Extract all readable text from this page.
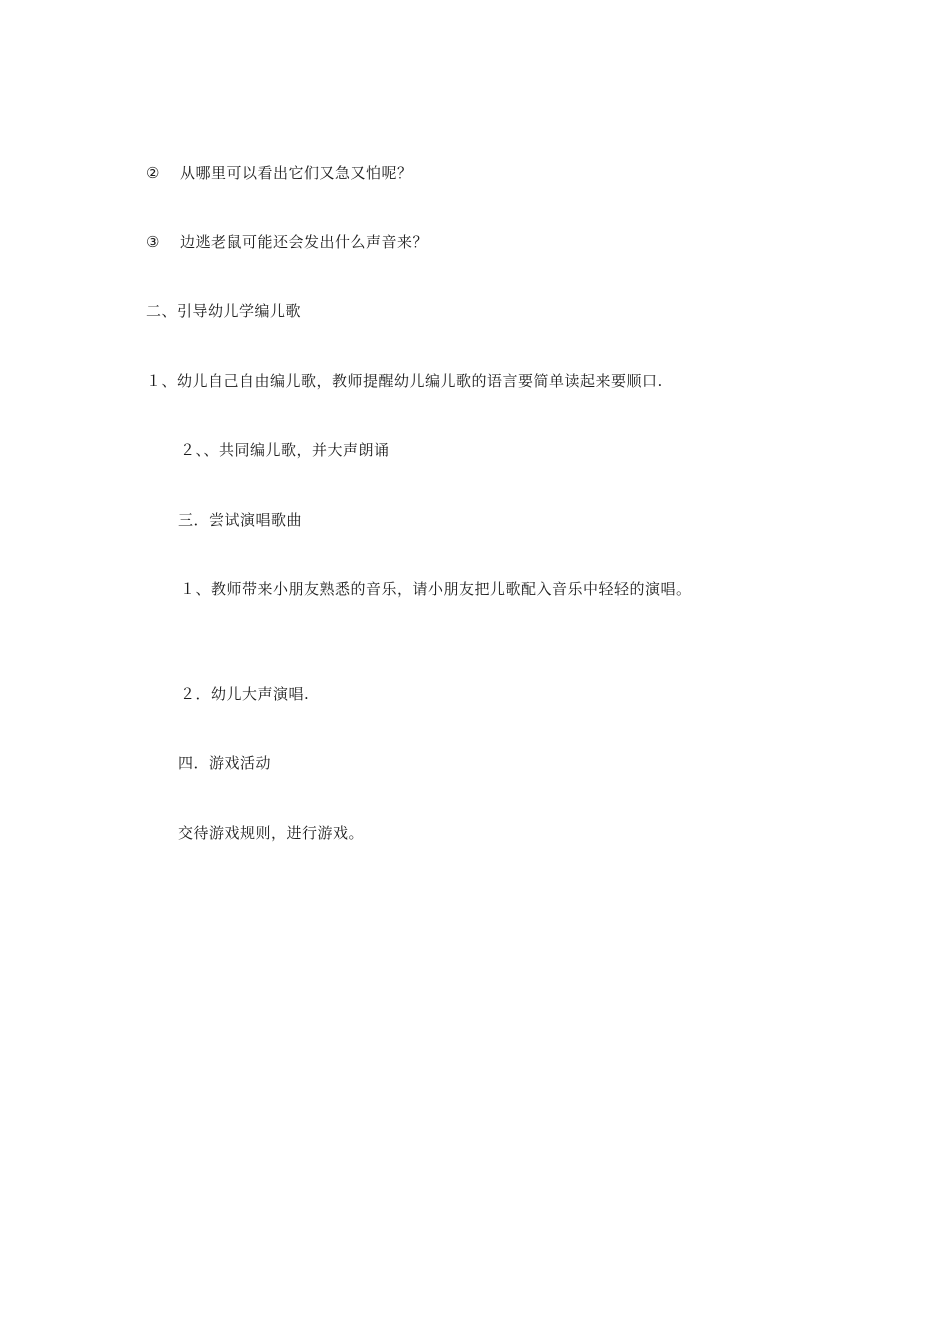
② 从哪里可以看出它们又急又怕呢？
③ 边逃老鼠可能还会发出什么声音来？
二、引导幼儿学编儿歌
１、幼儿自己自由编儿歌，教师提醒幼儿编儿歌的语言要简单读起来要顺口.
２、、共同编儿歌，并大声朗诵
三．尝试演唱歌曲
１、教师带来小朋友熟悉的音乐，请小朋友把儿歌配入音乐中轻轻的演唱。
２．幼儿大声演唱.
四．游戏活动
交待游戏规则，进行游戏。
